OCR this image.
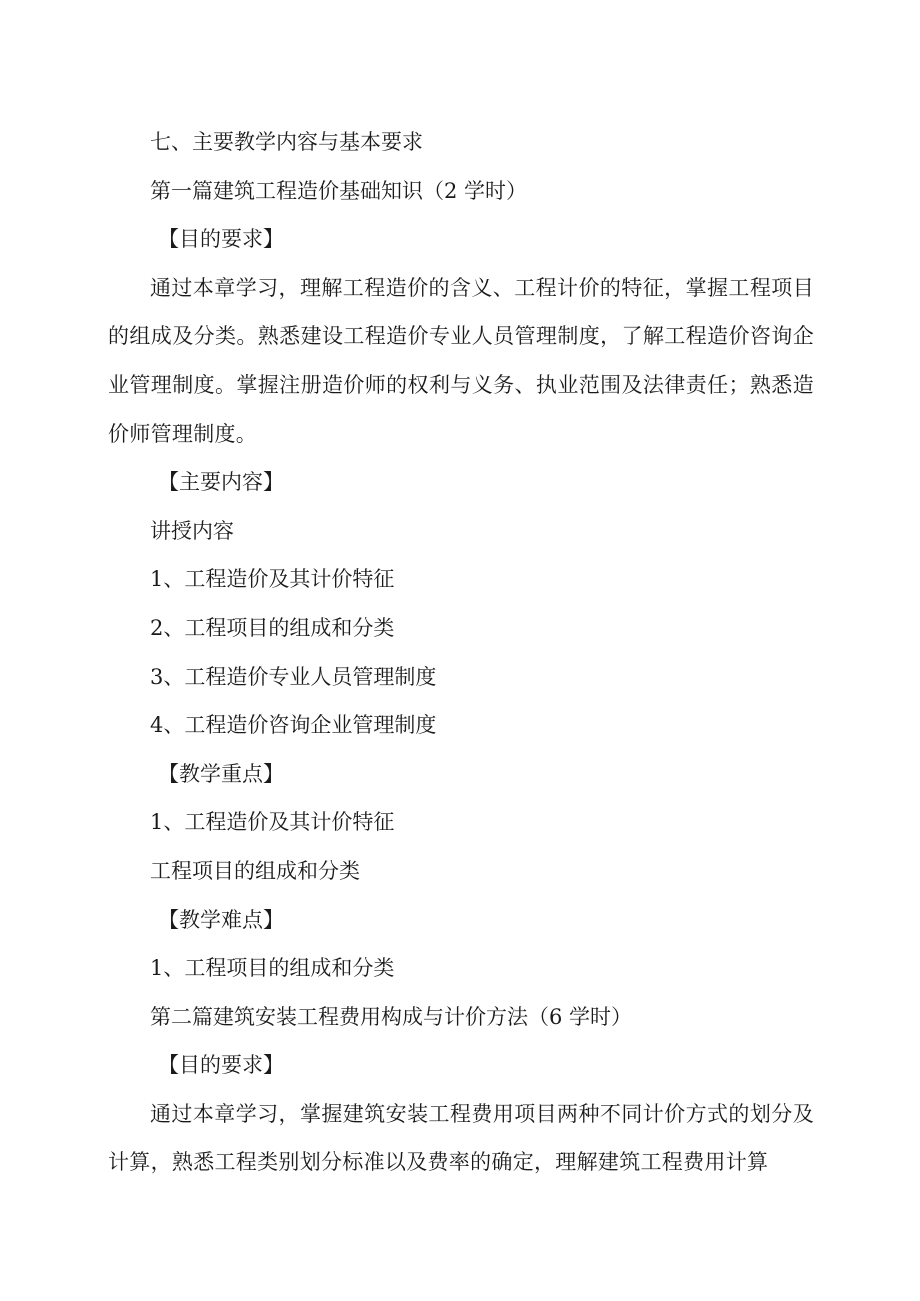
七、主要教学内容与基本要求

第一篇建筑工程造价基础知识（2 学时）

【目的要求】

通过本章学习，理解工程造价的含义、工程计价的特征，掌握工程项目的组成及分类。熟悉建设工程造价专业人员管理制度，了解工程造价咨询企业管理制度。掌握注册造价师的权利与义务、执业范围及法律责任；熟悉造价师管理制度。

【主要内容】

讲授内容

1、工程造价及其计价特征

2、工程项目的组成和分类

3、工程造价专业人员管理制度

4、工程造价咨询企业管理制度

【教学重点】

1、工程造价及其计价特征

工程项目的组成和分类

【教学难点】

1、工程项目的组成和分类

第二篇建筑安装工程费用构成与计价方法（6 学时）

【目的要求】

通过本章学习，掌握建筑安装工程费用项目两种不同计价方式的划分及计算，熟悉工程类别划分标准以及费率的确定，理解建筑工程费用计算
